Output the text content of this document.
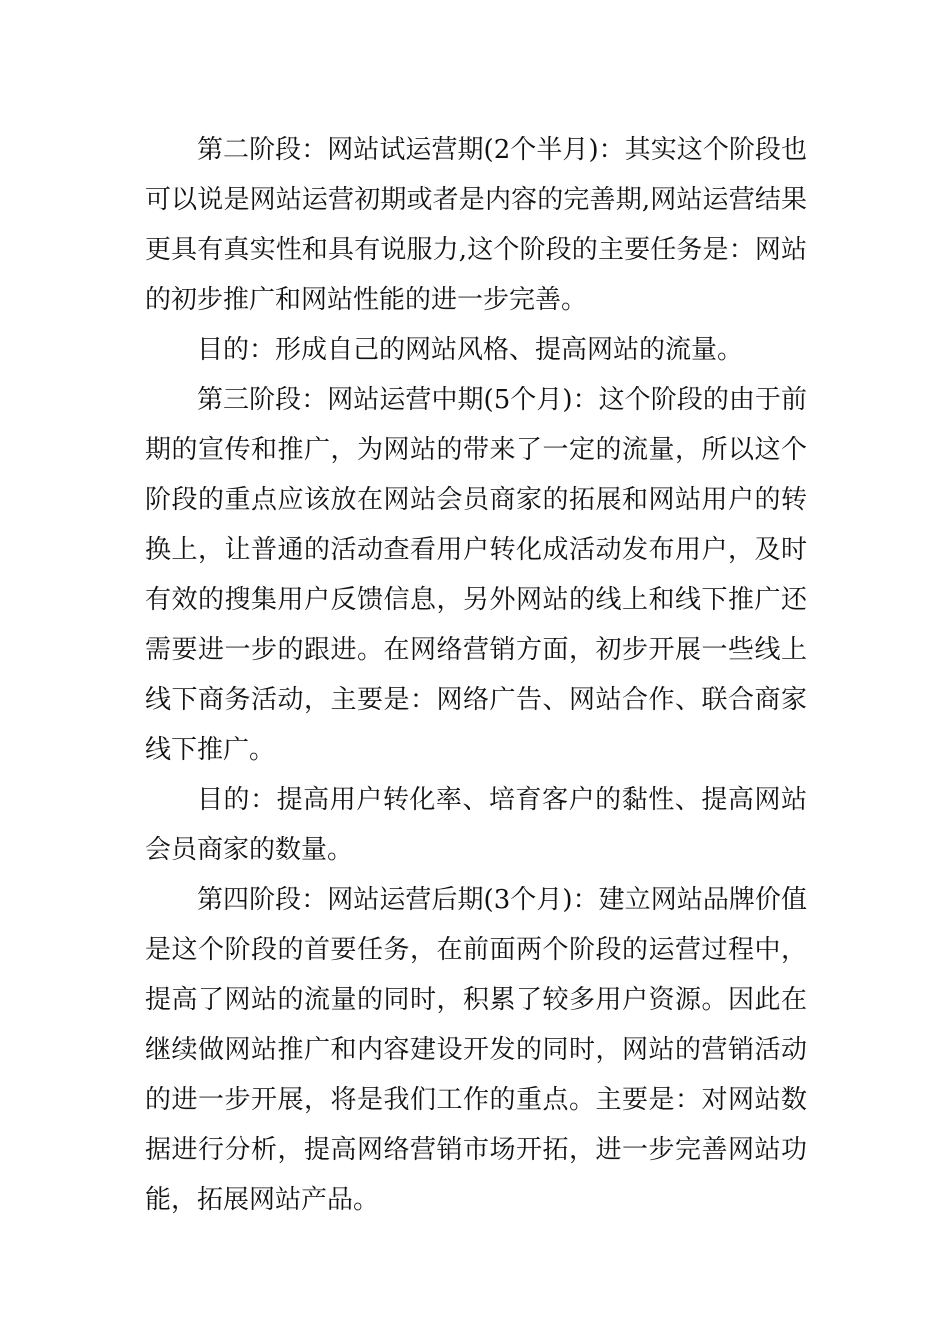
第二阶段：网站试运营期(2个半月)：其实这个阶段也可以说是网站运营初期或者是内容的完善期,网站运营结果更具有真实性和具有说服力,这个阶段的主要任务是：网站的初步推广和网站性能的进一步完善。

目的：形成自己的网站风格、提高网站的流量。

第三阶段：网站运营中期(5个月)：这个阶段的由于前期的宣传和推广，为网站的带来了一定的流量，所以这个阶段的重点应该放在网站会员商家的拓展和网站用户的转换上，让普通的活动查看用户转化成活动发布用户，及时有效的搜集用户反馈信息，另外网站的线上和线下推广还需要进一步的跟进。在网络营销方面，初步开展一些线上线下商务活动，主要是：网络广告、网站合作、联合商家线下推广。

目的：提高用户转化率、培育客户的黏性、提高网站会员商家的数量。

第四阶段：网站运营后期(3个月)：建立网站品牌价值是这个阶段的首要任务，在前面两个阶段的运营过程中，提高了网站的流量的同时，积累了较多用户资源。因此在继续做网站推广和内容建设开发的同时，网站的营销活动的进一步开展，将是我们工作的重点。主要是：对网站数据进行分析，提高网络营销市场开拓，进一步完善网站功能，拓展网站产品。
